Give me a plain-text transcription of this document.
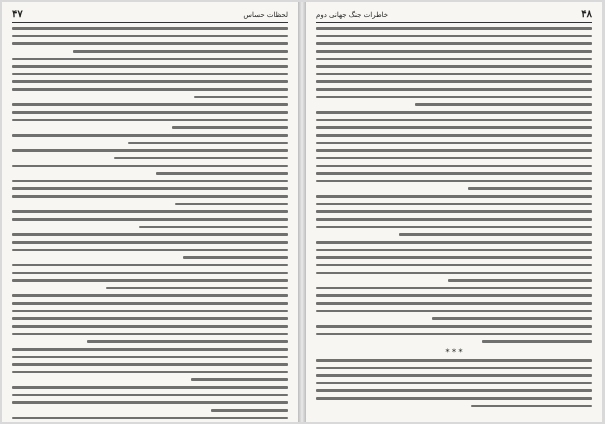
۴۷	لحظات حساس	۴۸
خاطرات جنگ جهانی دوم
* * *
